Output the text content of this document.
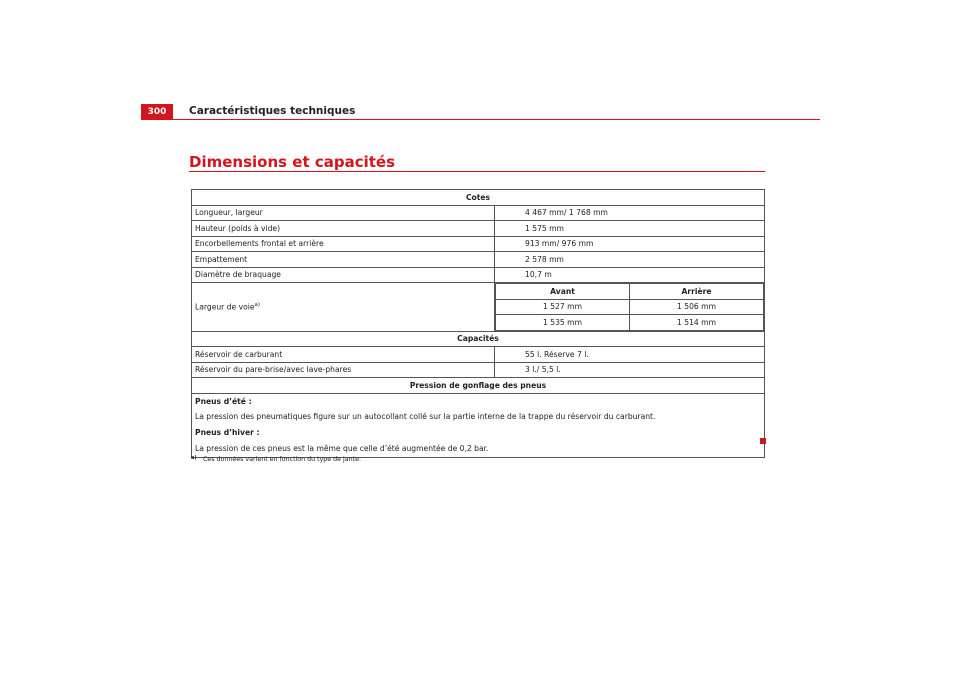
300	Caractéristiques techniques
Dimensions et capacités
Cotes
Longueur, largeur	4 467 mm/ 1 768 mm
Hauteur (poids à vide)	1 575 mm
Encorbellements frontal et arrière	913 mm/ 976 mm
Empattement	2 578 mm
Diamètre de braquage	10,7 m
Largeur de voie$^{a)}$	
Avant	Arrière
1 527 mm	1 506 mm
1 535 mm	1 514 mm

Capacités
Réservoir de carburant	55 l. Réserve 7 l.
Réservoir du pare-brise/avec lave-phares	3 l./ 5,5 l.
Pression de gonflage des pneus

Pneus d’été :

La pression des pneumatiques figure sur un autocollant collé sur la partie interne de la trappe du réservoir du carburant.

Pneus d’hiver :

La pression de ces pneus est la même que celle d’été augmentée de 0,2 bar.

a) Ces données varient en fonction du type de jante.
